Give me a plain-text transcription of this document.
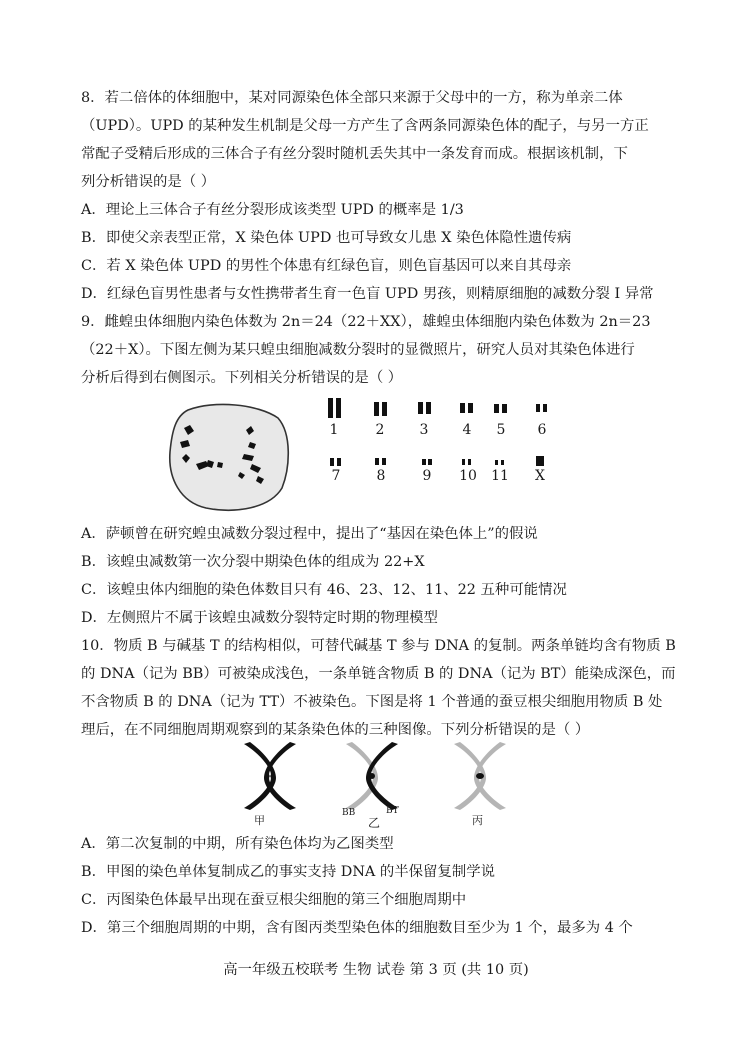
8．若二倍体的体细胞中，某对同源染色体全部只来源于父母中的一方，称为单亲二体
（UPD）。UPD 的某种发生机制是父母一方产生了含两条同源染色体的配子，与另一方正
常配子受精后形成的三体合子有丝分裂时随机丢失其中一条发育而成。根据该机制，下
列分析错误的是（ ）
A．理论上三体合子有丝分裂形成该类型 UPD 的概率是 1/3
B．即使父亲表型正常，X 染色体 UPD 也可导致女儿患 X 染色体隐性遗传病
C．若 X 染色体 UPD 的男性个体患有红绿色盲，则色盲基因可以来自其母亲
D．红绿色盲男性患者与女性携带者生育一色盲 UPD 男孩，则精原细胞的减数分裂 I 异常
9．雌蝗虫体细胞内染色体数为 2n＝24（22＋XX），雄蝗虫体细胞内染色体数为 2n＝23
（22＋X）。下图左侧为某只蝗虫细胞减数分裂时的显微照片，研究人员对其染色体进行
分析后得到右侧图示。下列相关分析错误的是（ ）
1	2	3	4	5	6
7	8	9	10 11	X
A．萨顿曾在研究蝗虫减数分裂过程中，提出了“基因在染色体上”的假说
B．该蝗虫减数第一次分裂中期染色体的组成为 22+X
C．该蝗虫体内细胞的染色体数目只有 46、23、12、11、22 五种可能情况
D．左侧照片不属于该蝗虫减数分裂特定时期的物理模型
10．物质 B 与碱基 T 的结构相似，可替代碱基 T 参与 DNA 的复制。两条单链均含有物质 B
的 DNA（记为 BB）可被染成浅色，一条单链含物质 B 的 DNA（记为 BT）能染成深色，而
不含物质 B 的 DNA（记为 TT）不被染色。下图是将 1 个普通的蚕豆根尖细胞用物质 B 处
理后，在不同细胞周期观察到的某条染色体的三种图像。下列分析错误的是（ ）
甲
BB
乙
BT
丙
A．第二次复制的中期，所有染色体均为乙图类型
B．甲图的染色单体复制成乙的事实支持 DNA 的半保留复制学说
C．丙图染色体最早出现在蚕豆根尖细胞的第三个细胞周期中
D．第三个细胞周期的中期，含有图丙类型染色体的细胞数目至少为 1 个，最多为 4 个
高一年级五校联考 生物 试卷 第 3 页 (共 10 页)
